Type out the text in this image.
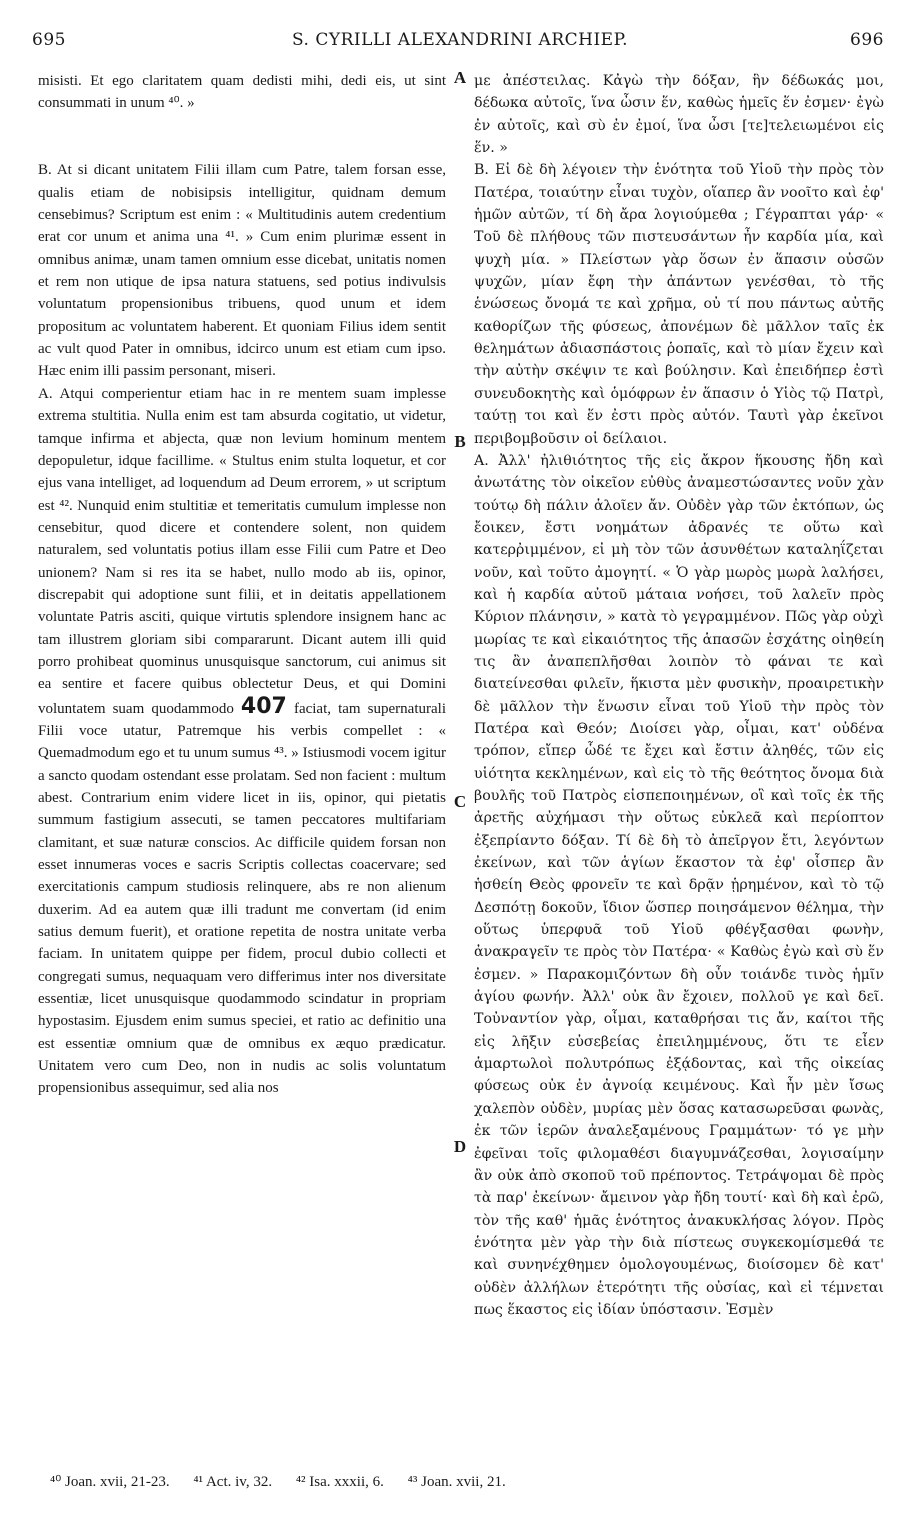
695	S. CYRILLI ALEXANDRINI ARCHIEP.	696

misisti. Et ego claritatem quam dedisti mihi, dedi eis, ut sint consummati in unum ⁴⁰. »

B. At si dicant unitatem Filii illam cum Patre, talem forsan esse, qualis etiam de nobisipsis intelligitur, quidnam demum censebimus? Scriptum est enim : « Multitudinis autem credentium erat cor unum et anima una ⁴¹. » Cum enim plurimæ essent in omnibus animæ, unam tamen omnium esse dicebat, unitatis nomen et rem non utique de ipsa natura statuens, sed potius indivulsis voluntatum propensionibus tribuens, quod unum et idem propositum ac voluntatem haberent. Et quoniam Filius idem sentit ac vult quod Pater in omnibus, idcirco unum est etiam cum ipso. Hæc enim illi passim personant, miseri.

A. Atqui comperientur etiam hac in re mentem suam implesse extrema stultitia. Nulla enim est tam absurda cogitatio, ut videtur, tamque infirma et abjecta, quæ non levium hominum mentem depopuletur, idque facillime. « Stultus enim stulta loquetur, et cor ejus vana intelliget, ad loquendum ad Deum errorem, » ut scriptum est ⁴². Nunquid enim stultitiæ et temeritatis cumulum implesse non censebitur, quod dicere et contendere solent, non quidem naturalem, sed voluntatis potius illam esse Filii cum Patre et Deo unionem? Nam si res ita se habet, nullo modo ab iis, opinor, discrepabit qui adoptione sunt filii, et in deitatis appellationem voluntate Patris asciti, quique virtutis splendore insignem hanc ac tam illustrem gloriam sibi compararunt. Dicant autem illi quid porro prohibeat quominus unusquisque sanctorum, cui animus sit ea sentire et facere quibus oblectetur Deus, et qui Domini voluntatem suam quodammodo 407 faciat, tam supernaturali Filii voce utatur, Patremque his verbis compellet : « Quemadmodum ego et tu unum sumus ⁴³. » Istiusmodi vocem igitur a sancto quodam ostendant esse prolatam. Sed non facient : multum abest. Contrarium enim videre licet in iis, opinor, qui pietatis summum fastigium assecuti, se tamen peccatores multifariam clamitant, et suæ naturæ conscios. Ac difficile quidem forsan non esset innumeras voces e sacris Scriptis collectas coacervare; sed exercitationis campum studiosis relinquere, abs re non alienum duxerim. Ad ea autem quæ illi tradunt me convertam (id enim satius demum fuerit), et oratione repetita de nostra unitate verba faciam. In unitatem quippe per fidem, procul dubio collecti et congregati sumus, nequaquam vero differimus inter nos diversitate essentiæ, licet unusquisque quodammodo scindatur in propriam hypostasim. Ejusdem enim sumus speciei, et ratio ac definitio una est essentiæ omnium quæ de omnibus ex æquo prædicatur. Unitatem vero cum Deo, non in nudis ac solis voluntatum propensionibus assequimur, sed alia nos

με ἀπέστειλας. Κἀγὼ τὴν δόξαν, ἣν δέδωκάς μοι, δέδωκα αὐτοῖς, ἵνα ὦσιν ἕν, καθὼς ἡμεῖς ἕν ἐσμεν· ἐγὼ ἐν αὐτοῖς, καὶ σὺ ἐν ἐμοί, ἵνα ὦσι [τε]τελειωμένοι εἰς ἕν. »

B. Εἰ δὲ δὴ λέγοιεν τὴν ἑνότητα τοῦ Υἱοῦ τὴν πρὸς τὸν Πατέρα, τοιαύτην εἶναι τυχὸν, οἵαπερ ἂν νοοῖτο καὶ ἐφ' ἡμῶν αὐτῶν, τί δὴ ἄρα λογιούμεθα ; Γέγραπται γάρ· « Τοῦ δὲ πλήθους τῶν πιστευσάντων ἦν καρδία μία, καὶ ψυχὴ μία. » Πλείστων γὰρ ὅσων ἐν ἅπασιν οὐσῶν ψυχῶν, μίαν ἔφη τὴν ἁπάντων γενέσθαι, τὸ τῆς ἑνώσεως ὄνομά τε καὶ χρῆμα, οὐ τί που πάντως αὐτῆς καθορίζων τῆς φύσεως, ἀπονέμων δὲ μᾶλλον ταῖς ἐκ θελημάτων ἀδιασπάστοις ῥοπαῖς, καὶ τὸ μίαν ἔχειν καὶ τὴν αὐτὴν σκέψιν τε καὶ βούλησιν. Καὶ ἐπειδήπερ ἐστὶ συνευδοκητὴς καὶ ὁμόφρων ἐν ἅπασιν ὁ Υἱὸς τῷ Πατρὶ, ταύτῃ τοι καὶ ἕν ἐστι πρὸς αὐτόν. Ταυτὶ γὰρ ἐκεῖνοι περιβομβοῦσιν οἱ δείλαιοι.

A. Ἀλλ' ἠλιθιότητος τῆς εἰς ἄκρον ἥκουσης ἤδη καὶ ἀνωτάτης τὸν οἰκεῖον εὐθὺς ἀναμεστώσαντες νοῦν χὰν τούτῳ δὴ πάλιν ἁλοῖεν ἄν. Οὐδὲν γὰρ τῶν ἐκτόπων, ὡς ἔοικεν, ἔστι νοημάτων ἀδρανές τε οὕτω καὶ κατερῤιμμένον, εἰ μὴ τὸν τῶν ἀσυνθέτων καταληΐζεται νοῦν, καὶ τοῦτο ἀμογητί. « Ὁ γὰρ μωρὸς μωρὰ λαλήσει, καὶ ἡ καρδία αὐτοῦ μάταια νοήσει, τοῦ λαλεῖν πρὸς Κύριον πλάνησιν, » κατὰ τὸ γεγραμμένον. Πῶς γὰρ οὐχὶ μωρίας τε καὶ εἰκαιότητος τῆς ἁπασῶν ἐσχάτης οἰηθείη τις ἂν ἀναπεπλῆσθαι λοιπὸν τὸ φάναι τε καὶ διατείνεσθαι φιλεῖν, ἥκιστα μὲν φυσικὴν, προαιρετικὴν δὲ μᾶλλον τὴν ἕνωσιν εἶναι τοῦ Υἱοῦ τὴν πρὸς τὸν Πατέρα καὶ Θεόν; Διοίσει γὰρ, οἶμαι, κατ' οὐδένα τρόπον, εἴπερ ὧδέ τε ἔχει καὶ ἔστιν ἀληθές, τῶν εἰς υἱότητα κεκλημένων, καὶ εἰς τὸ τῆς θεότητος ὄνομα διὰ βουλῆς τοῦ Πατρὸς εἰσπεποιημένων, οἳ καὶ τοῖς ἐκ τῆς ἀρετῆς αὐχήμασι τὴν οὕτως εὐκλεᾶ καὶ περίοπτον ἐξεπρίαντο δόξαν. Τί δὲ δὴ τὸ ἀπεῖργον ἔτι, λεγόντων ἐκείνων, καὶ τῶν ἁγίων ἕκαστον τὰ ἐφ' οἷσπερ ἂν ἡσθείη Θεὸς φρονεῖν τε καὶ δρᾷν ᾑρημένον, καὶ τὸ τῷ Δεσπότῃ δοκοῦν, ἴδιον ὥσπερ ποιησάμενον θέλημα, τὴν οὕτως ὑπερφυᾶ τοῦ Υἱοῦ φθέγξασθαι φωνὴν, ἀνακραγεῖν τε πρὸς τὸν Πατέρα· « Καθὼς ἐγὼ καὶ σὺ ἕν ἐσμεν. » Παρακομιζόντων δὴ οὖν τοιάνδε τινὸς ἡμῖν ἁγίου φωνήν. Ἀλλ' οὐκ ἂν ἔχοιεν, πολλοῦ γε καὶ δεῖ. Τοὐναντίον γὰρ, οἶμαι, καταθρήσαι τις ἄν, καίτοι τῆς εἰς λῆξιν εὐσεβείας ἐπειλημμένους, ὅτι τε εἶεν ἁμαρτωλοὶ πολυτρόπως ἐξᾴδοντας, καὶ τῆς οἰκείας φύσεως οὐκ ἐν ἀγνοίᾳ κειμένους. Καὶ ἦν μὲν ἴσως χαλεπὸν οὐδὲν, μυρίας μὲν ὅσας κατασωρεῦσαι φωνὰς, ἐκ τῶν ἱερῶν ἀναλεξαμένους Γραμμάτων· τό γε μὴν ἐφεῖναι τοῖς φιλομαθέσι διαγυμνάζεσθαι, λογισαίμην ἂν οὐκ ἀπὸ σκοποῦ τοῦ πρέποντος. Τετράψομαι δὲ πρὸς τὰ παρ' ἐκείνων· ἄμεινον γὰρ ἤδη τουτί· καὶ δὴ καὶ ἐρῶ, τὸν τῆς καθ' ἡμᾶς ἑνότητος ἀνακυκλήσας λόγον. Πρὸς ἑνότητα μὲν γὰρ τὴν διὰ πίστεως συγκεκομίσμεθά τε καὶ συνηνέχθημεν ὁμολογουμένως, διοίσομεν δὲ κατ' οὐδὲν ἀλλήλων ἑτερότητι τῆς οὐσίας, καὶ εἰ τέμνεται πως ἕκαστος εἰς ἰδίαν ὑπόστασιν. Ἐσμὲν

A
B
C
D
⁴⁰ Joan. xvii, 21-23. ⁴¹ Act. iv, 32. ⁴² Isa. xxxii, 6. ⁴³ Joan. xvii, 21.
